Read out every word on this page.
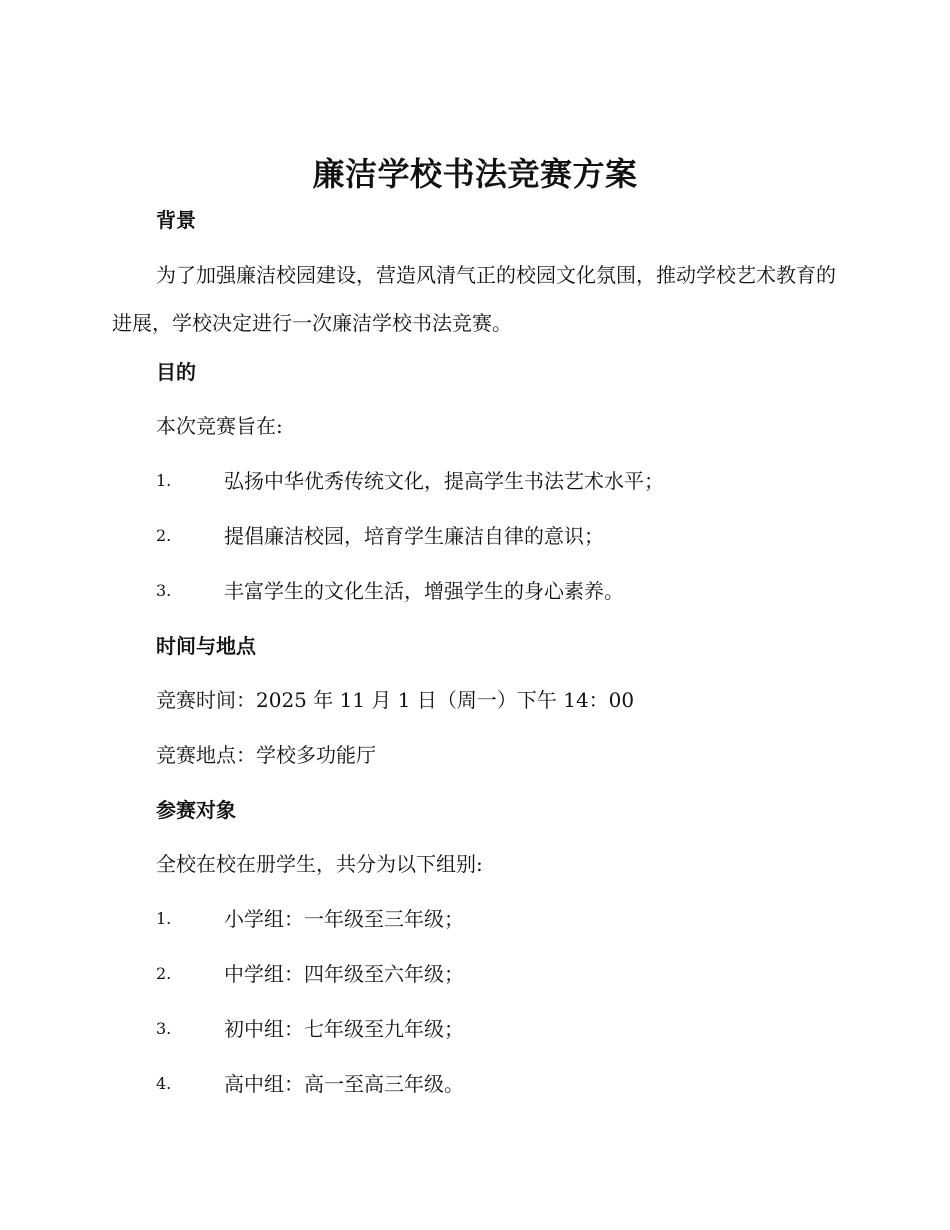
廉洁学校书法竞赛方案
背景

为了加强廉洁校园建设，营造风清气正的校园文化氛围，推动学校艺术教育的进展，学校决定进行一次廉洁学校书法竞赛。

目的

本次竞赛旨在:

1.	弘扬中华优秀传统文化，提高学生书法艺术水平；
2.	提倡廉洁校园，培育学生廉洁自律的意识；
3.	丰富学生的文化生活，增强学生的身心素养。
时间与地点

竞赛时间：2025 年 11 月 1 日（周一）下午 14：00

竞赛地点：学校多功能厅

参赛对象

全校在校在册学生，共分为以下组别:

1.	小学组：一年级至三年级；
2.	中学组：四年级至六年级；
3.	初中组：七年级至九年级；
4.	高中组：高一至高三年级。
